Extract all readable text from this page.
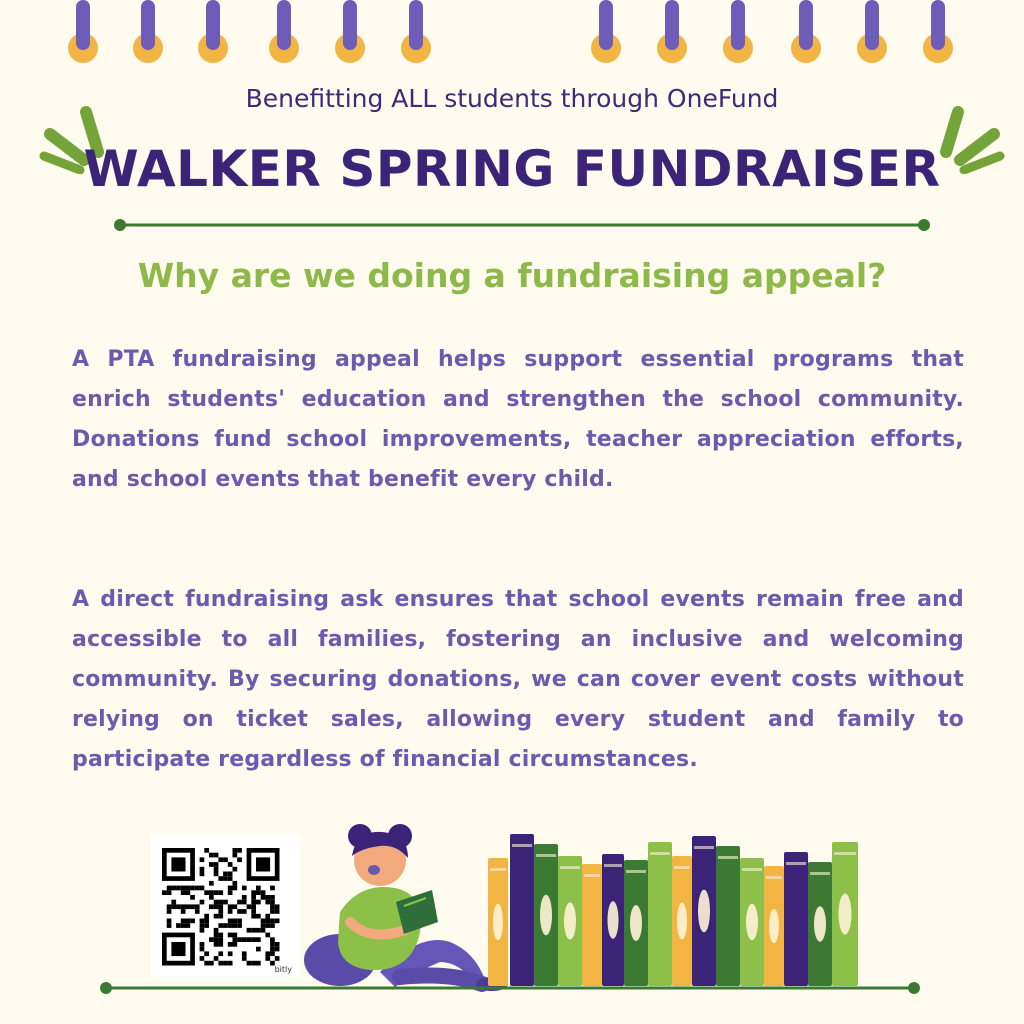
Benefitting ALL students through OneFund
WALKER SPRING FUNDRAISER
Why are we doing a fundraising appeal?

A PTA fundraising appeal helps support essential programs that enrich students' education and strengthen the school community. Donations fund school improvements, teacher appreciation efforts, and school events that benefit every child.

A direct fundraising ask ensures that school events remain free and accessible to all families, fostering an inclusive and welcoming community. By securing donations, we can cover event costs without relying on ticket sales, allowing every student and family to participate regardless of financial circumstances.

bitly
